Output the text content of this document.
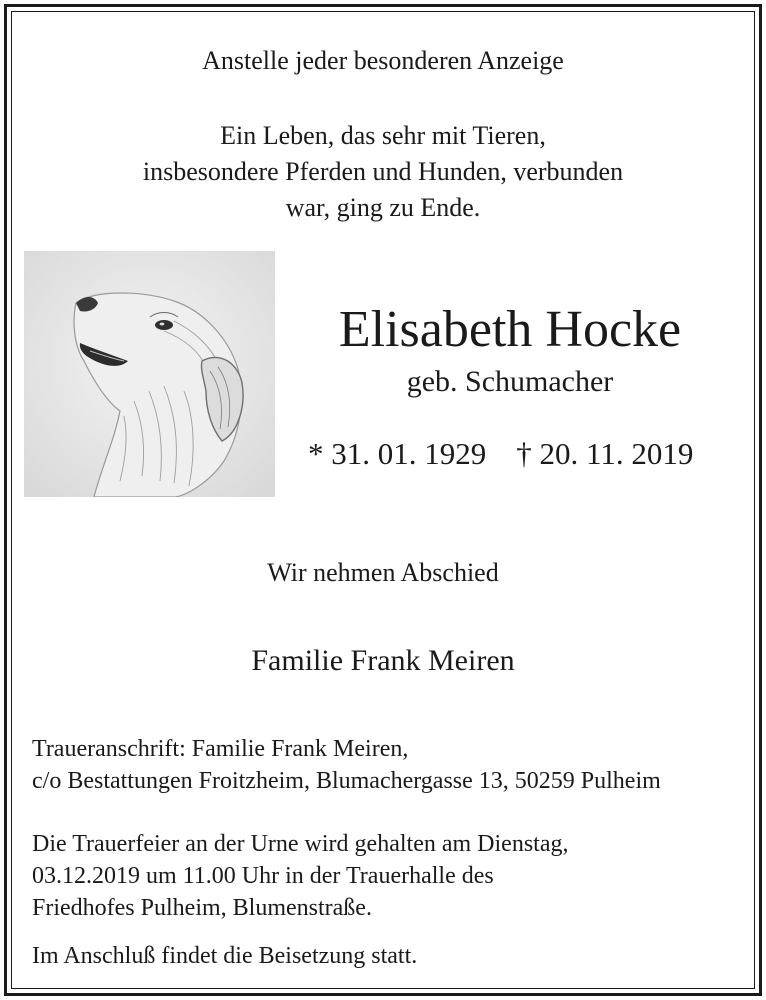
Anstelle jeder besonderen Anzeige
Ein Leben, das sehr mit Tieren,
insbesondere Pferden und Hunden, verbunden
war, ging zu Ende.
Elisabeth Hocke
geb. Schumacher
* 31. 01. 1929 † 20. 11. 2019
Wir nehmen Abschied
Familie Frank Meiren
Traueranschrift: Familie Frank Meiren,
c/o Bestattungen Froitzheim, Blumachergasse 13, 50259 Pulheim
Die Trauerfeier an der Urne wird gehalten am Dienstag,
03.12.2019 um 11.00 Uhr in der Trauerhalle des
Friedhofes Pulheim, Blumenstraße.
Im Anschluß findet die Beisetzung statt.
